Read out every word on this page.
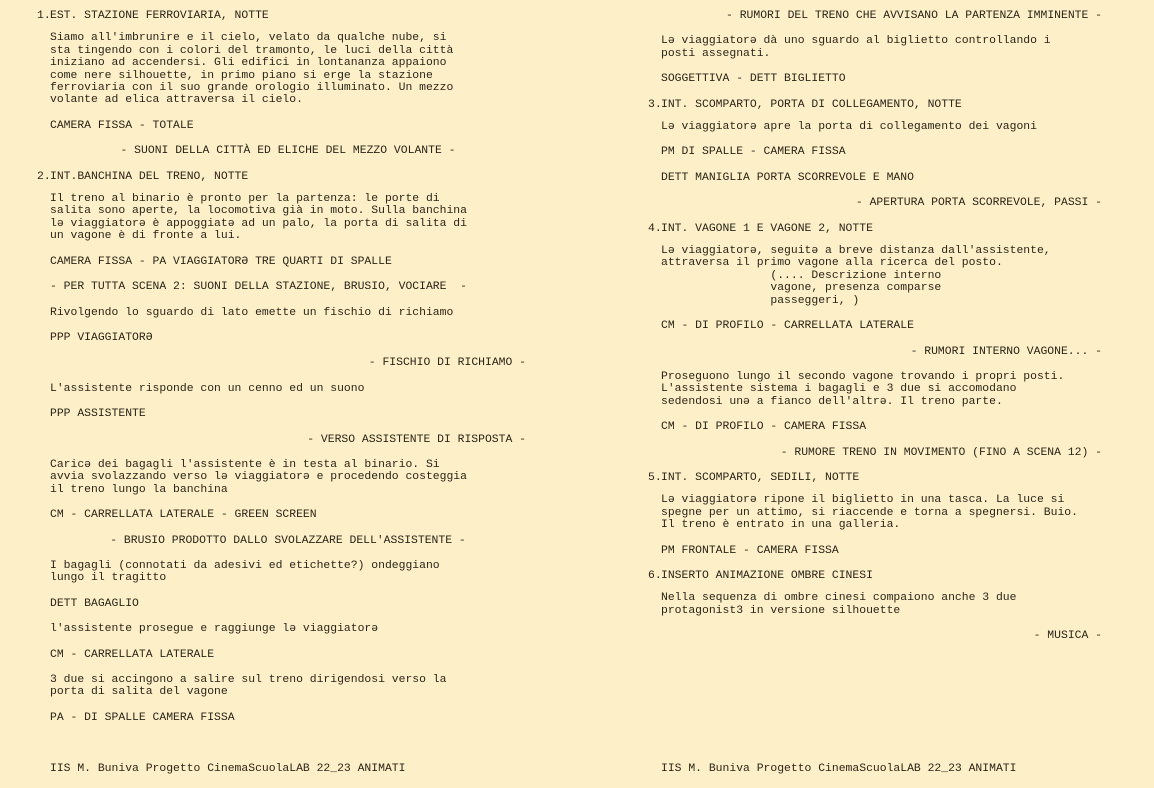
1. EST. STAZIONE FERROVIARIA, NOTTE
Siamo all'imbrunire e il cielo, velato da qualche nube, si
sta tingendo con i colori del tramonto, le luci della città
iniziano ad accendersi. Gli edifici in lontananza appaiono
come nere silhouette, in primo piano si erge la stazione
ferroviaria con il suo grande orologio illuminato. Un mezzo
volante ad elica attraversa il cielo.
CAMERA FISSA - TOTALE
- SUONI DELLA CITTÀ ED ELICHE DEL MEZZO VOLANTE -
2. INT.BANCHINA DEL TRENO, NOTTE
Il treno al binario è pronto per la partenza: le porte di
salita sono aperte, la locomotiva già in moto. Sulla banchina
lə viaggiatorə è appoggiatə ad un palo, la porta di salita di
un vagone è di fronte a lui.
CAMERA FISSA - PA VIAGGIATORƏ TRE QUARTI DI SPALLE
- PER TUTTA SCENA 2: SUONI DELLA STAZIONE, BRUSIO, VOCIARE  -
Rivolgendo lo sguardo di lato emette un fischio di richiamo
PPP VIAGGIATORƏ
- FISCHIO DI RICHIAMO -
L'assistente risponde con un cenno ed un suono
PPP ASSISTENTE
- VERSO ASSISTENTE DI RISPOSTA -
Caricə dei bagagli l'assistente è in testa al binario. Si
avvia svolazzando verso lə viaggiatorə e procedendo costeggia
il treno lungo la banchina
CM - CARRELLATA LATERALE - GREEN SCREEN
- BRUSIO PRODOTTO DALLO SVOLAZZARE DELL'ASSISTENTE -
I bagagli (connotati da adesivi ed etichette?) ondeggiano
lungo il tragitto
DETT BAGAGLIO
l'assistente prosegue e raggiunge lə viaggiatorə
CM - CARRELLATA LATERALE
3 due si accingono a salire sul treno dirigendosi verso la
porta di salita del vagone
PA - DI SPALLE CAMERA FISSA
IIS M. Buniva Progetto CinemaScuolaLAB 22_23 ANIMATI
- RUMORI DEL TRENO CHE AVVISANO LA PARTENZA IMMINENTE -
Lə viaggiatorə dà uno sguardo al biglietto controllando i
posti assegnati.
SOGGETTIVA - DETT BIGLIETTO
3. INT. SCOMPARTO, PORTA DI COLLEGAMENTO, NOTTE
Lə viaggiatorə apre la porta di collegamento dei vagoni
PM DI SPALLE - CAMERA FISSA
DETT MANIGLIA PORTA SCORREVOLE E MANO
- APERTURA PORTA SCORREVOLE, PASSI -
4. INT. VAGONE 1 E VAGONE 2, NOTTE
Lə viaggiatorə, seguitə a breve distanza dall'assistente,
attraversa il primo vagone alla ricerca del posto.
(.... Descrizione interno
vagone, presenza comparse
passeggeri, )
CM - DI PROFILO - CARRELLATA LATERALE
- RUMORI INTERNO VAGONE... -
Proseguono lungo il secondo vagone trovando i propri posti.
L'assistente sistema i bagagli e 3 due si accomodano
sedendosi unə a fianco dell'altrə. Il treno parte.
CM - DI PROFILO - CAMERA FISSA
- RUMORE TRENO IN MOVIMENTO (FINO A SCENA 12) -
5. INT. SCOMPARTO, SEDILI, NOTTE
Lə viaggiatorə ripone il biglietto in una tasca. La luce si
spegne per un attimo, si riaccende e torna a spegnersi. Buio.
Il treno è entrato in una galleria.
PM FRONTALE - CAMERA FISSA
6. INSERTO ANIMAZIONE OMBRE CINESI
Nella sequenza di ombre cinesi compaiono anche 3 due
protagonist3 in versione silhouette
- MUSICA -
IIS M. Buniva Progetto CinemaScuolaLAB 22_23 ANIMATI
